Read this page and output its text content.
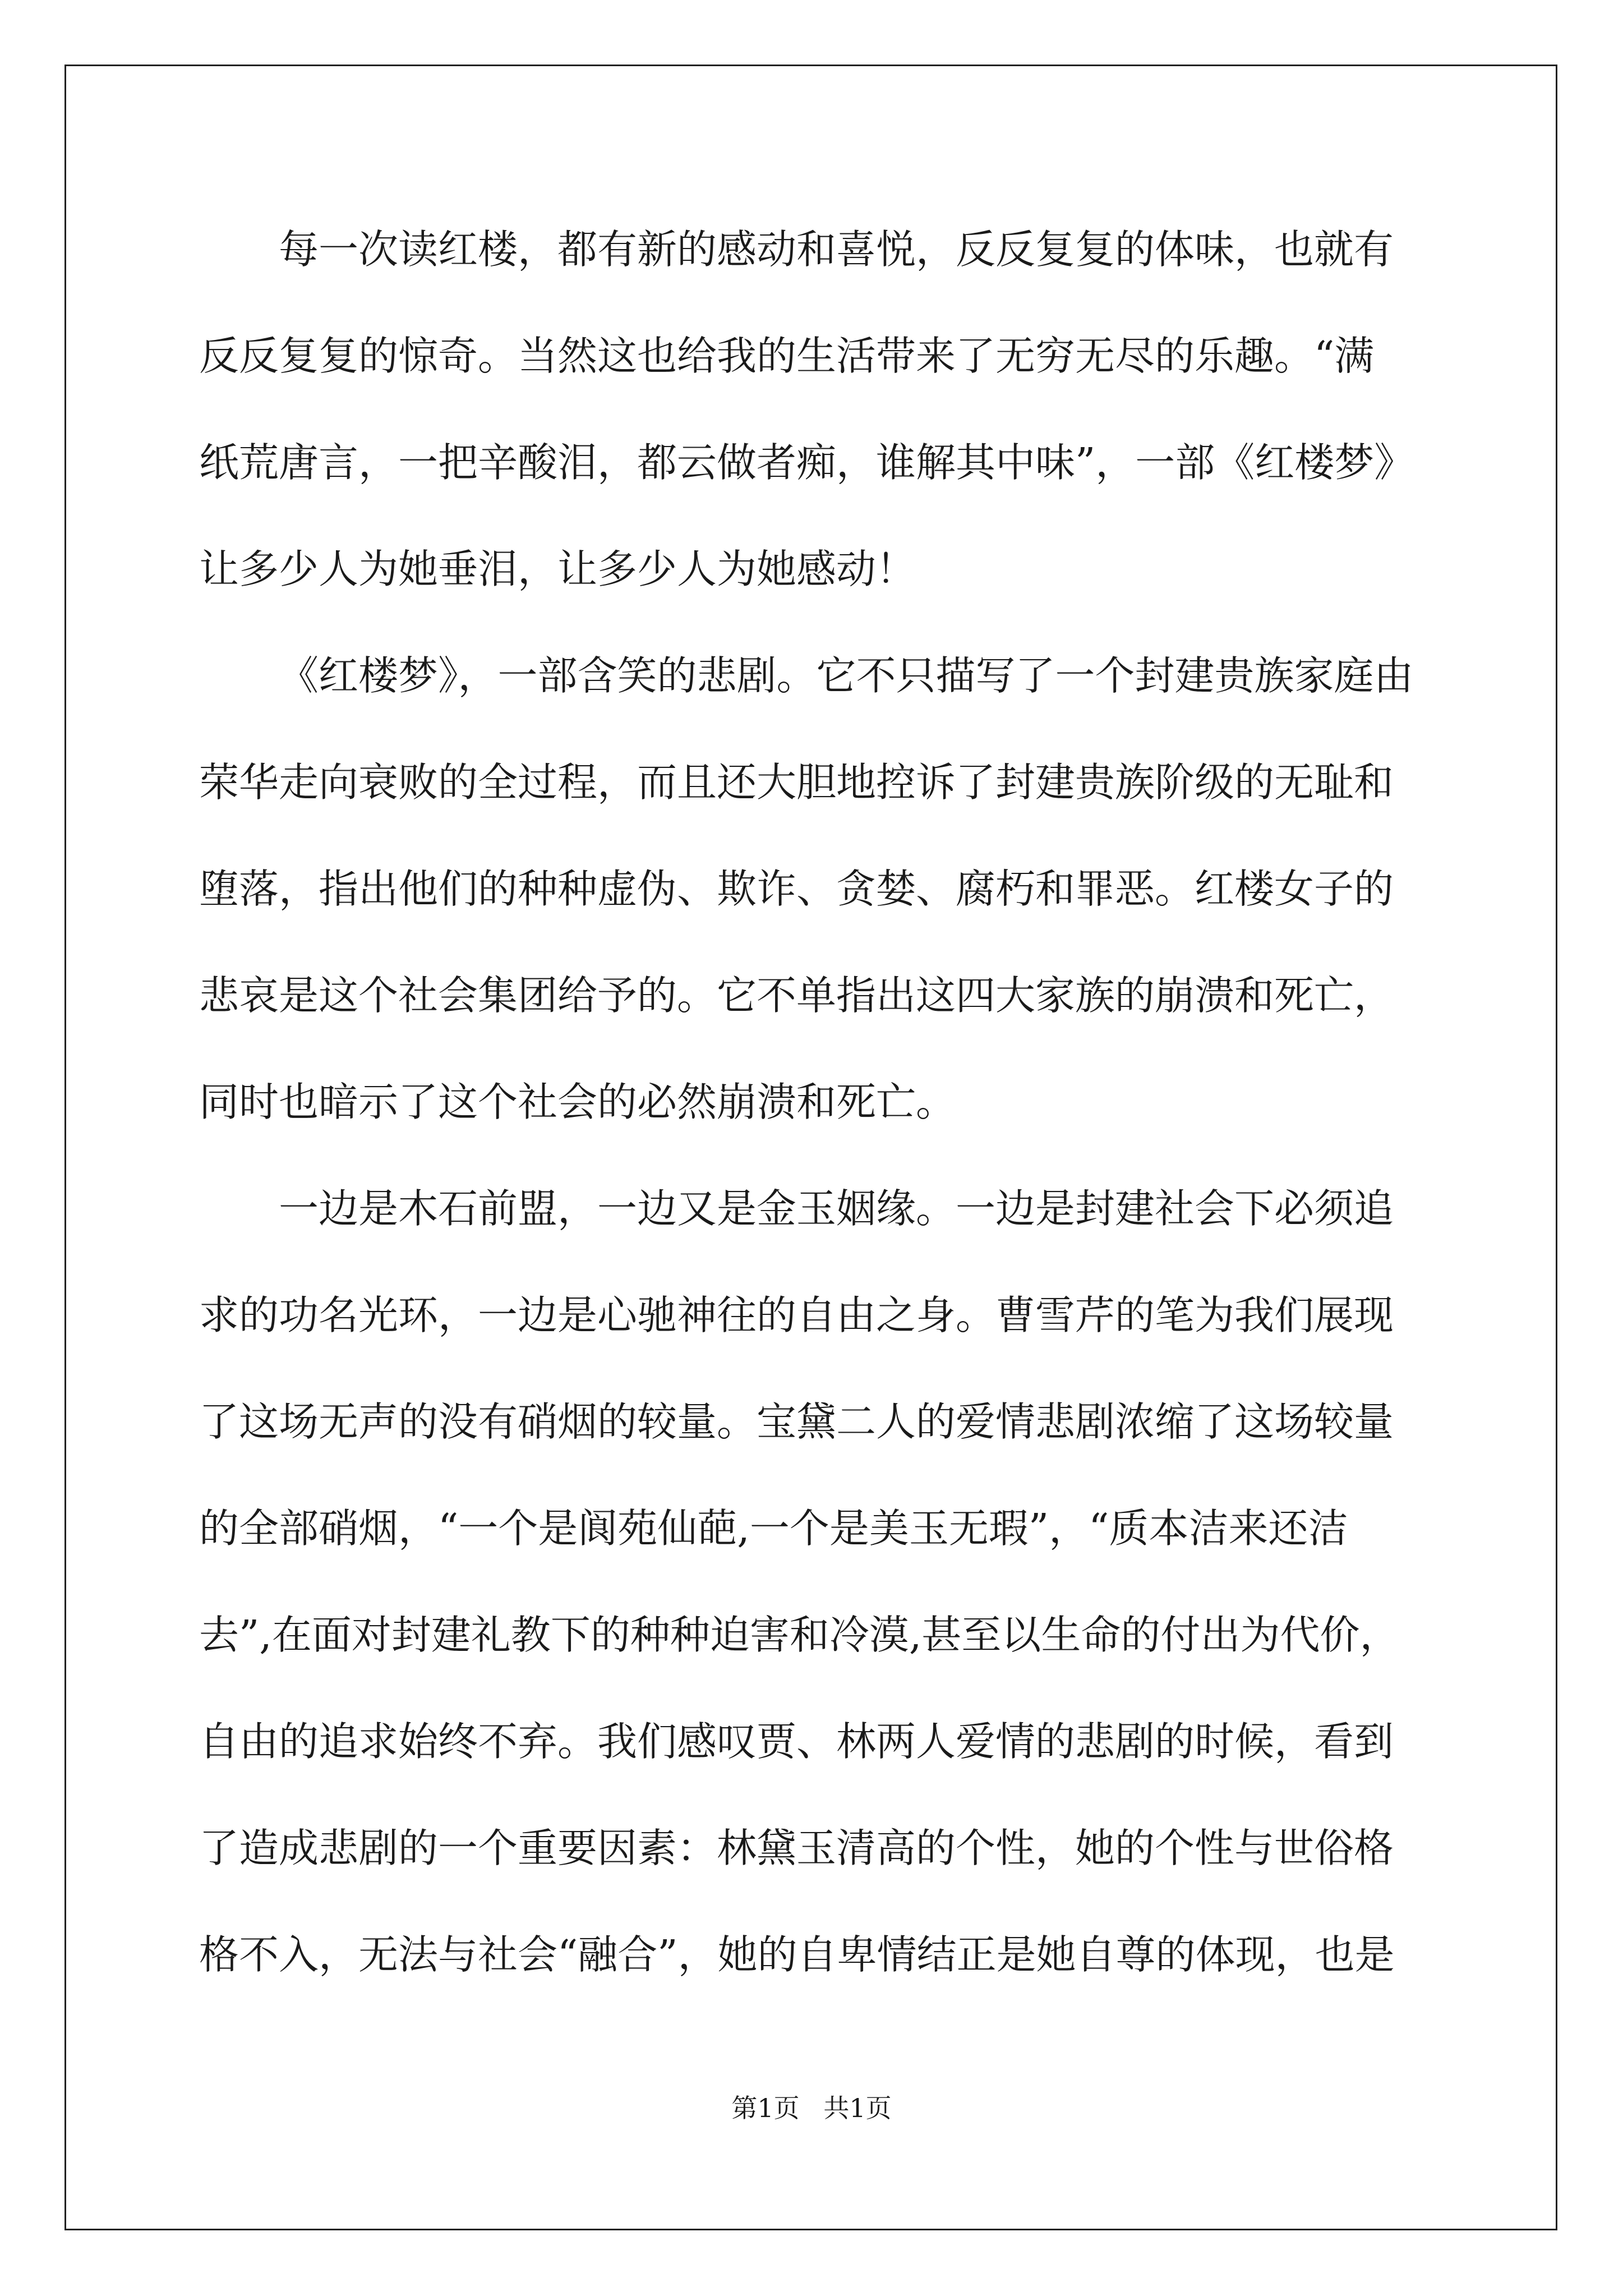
每一次读红楼，都有新的感动和喜悦，反反复复的体味，也就有
反反复复的惊奇。当然这也给我的生活带来了无穷无尽的乐趣。“满
纸荒唐言，一把辛酸泪，都云做者痴，谁解其中味”，一部《红楼梦》
让多少人为她垂泪，让多少人为她感动！
《红楼梦》，一部含笑的悲剧。它不只描写了一个封建贵族家庭由
荣华走向衰败的全过程，而且还大胆地控诉了封建贵族阶级的无耻和
堕落，指出他们的种种虚伪、欺诈、贪婪、腐朽和罪恶。红楼女子的
悲哀是这个社会集团给予的。它不单指出这四大家族的崩溃和死亡，
同时也暗示了这个社会的必然崩溃和死亡。
一边是木石前盟，一边又是金玉姻缘。一边是封建社会下必须追
求的功名光环，一边是心驰神往的自由之身。曹雪芹的笔为我们展现
了这场无声的没有硝烟的较量。宝黛二人的爱情悲剧浓缩了这场较量
的全部硝烟，“一个是阆苑仙葩,一个是美玉无瑕”，“质本洁来还洁
去”,在面对封建礼教下的种种迫害和冷漠,甚至以生命的付出为代价，
自由的追求始终不弃。我们感叹贾、林两人爱情的悲剧的时候，看到
了造成悲剧的一个重要因素：林黛玉清高的个性，她的个性与世俗格
格不入，无法与社会“融合”，她的自卑情结正是她自尊的体现，也是
第1页 共1页
